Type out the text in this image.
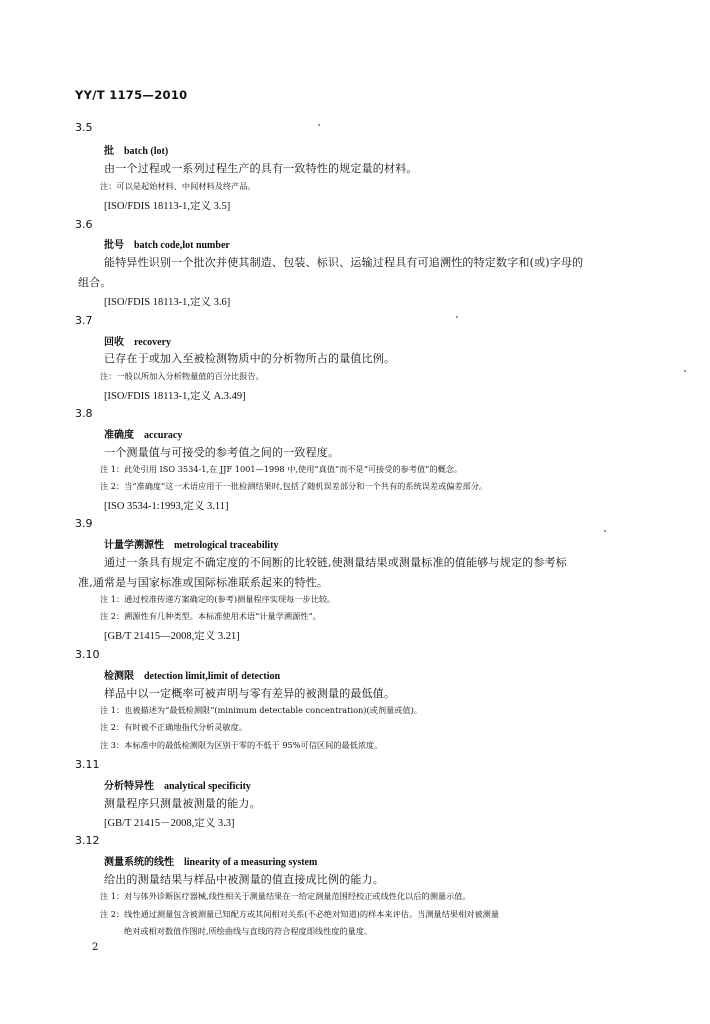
YY/T 1175—2010
3.5
批 batch (lot)
由一个过程或一系列过程生产的具有一致特性的规定量的材料。
注：可以是起始材料、中间材料及终产品。
[ISO/FDIS 18113-1,定义 3.5]
3.6
批号 batch code,lot number
能特异性识别一个批次并使其制造、包装、标识、运输过程具有可追溯性的特定数字和(或)字母的
组合。
[ISO/FDIS 18113-1,定义 3.6]
3.7
回收 recovery
已存在于或加入至被检测物质中的分析物所占的量值比例。
注：一般以所加入分析物量值的百分比报告。
[ISO/FDIS 18113-1,定义 A.3.49]
3.8
准确度 accuracy
一个测量值与可接受的参考值之间的一致程度。
注 1：此处引用 ISO 3534-1,在 JJF 1001—1998 中,使用“真值”而不是“可接受的参考值”的概念。
注 2：当“准确度”这一术语应用于一批检测结果时,包括了随机误差部分和一个共有的系统误差或偏差部分。
[ISO 3534-1:1993,定义 3.11]
3.9
计量学溯源性 metrological traceability
通过一条具有规定不确定度的不间断的比较链,使测量结果或测量标准的值能够与规定的参考标
准,通常是与国家标准或国际标准联系起来的特性。
注 1：通过校准传递方案确定的(参考)测量程序实现每一步比较。
注 2：溯源性有几种类型。本标准使用术语“计量学溯源性”。
[GB/T 21415—2008,定义 3.21]
3.10
检测限 detection limit,limit of detection
样品中以一定概率可被声明与零有差异的被测量的最低值。
注 1：也被描述为“最低检测限”(minimum detectable concentration)(或剂量或值)。
注 2：有时被不正确地指代分析灵敏度。
注 3：本标准中的最低检测限为区别于零的不低于 95%可信区间的最低浓度。
3.11
分析特异性 analytical specificity
测量程序只测量被测量的能力。
[GB/T 21415－2008,定义 3.3]
3.12
测量系统的线性 linearity of a measuring system
给出的测量结果与样品中被测量的值直接成比例的能力。
注 1：对与体外诊断医疗器械,线性相关于测量结果在一给定测量范围经校正或线性化以后的测量示值。
注 2：线性通过测量包含被测量已知配方或其间相对关系(不必绝对知道)的样本来评估。当测量结果相对被测量
绝对或相对数值作图时,所绘曲线与直线的符合程度即线性度的量度。
2
